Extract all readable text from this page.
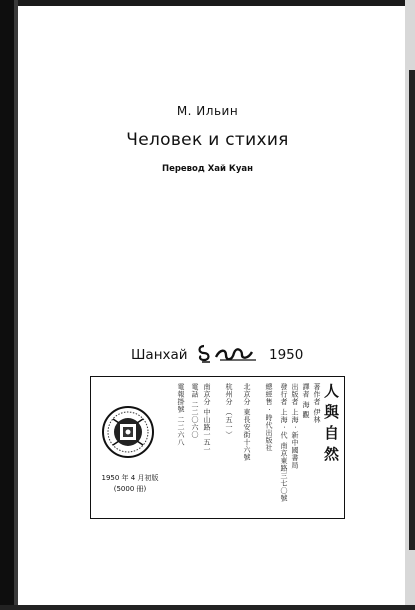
М. Ильин
Человек и стихия
Перевод Хай Куан
Шанхай	1950
人與自然
1950 年 4 月初版
(5000 冊)
著作者 伊林
譯者 海 觀
出版者 上海 ‧ 新中國書局
發行者 上海 ‧ 代 南京東路三七〇號
總經售 ‧ 時代出版社
北京分 東長安街十六號
杭州分 （五一）
南京分 中山路一五一
電話 二二〇六〇
電報掛號 二二六八
